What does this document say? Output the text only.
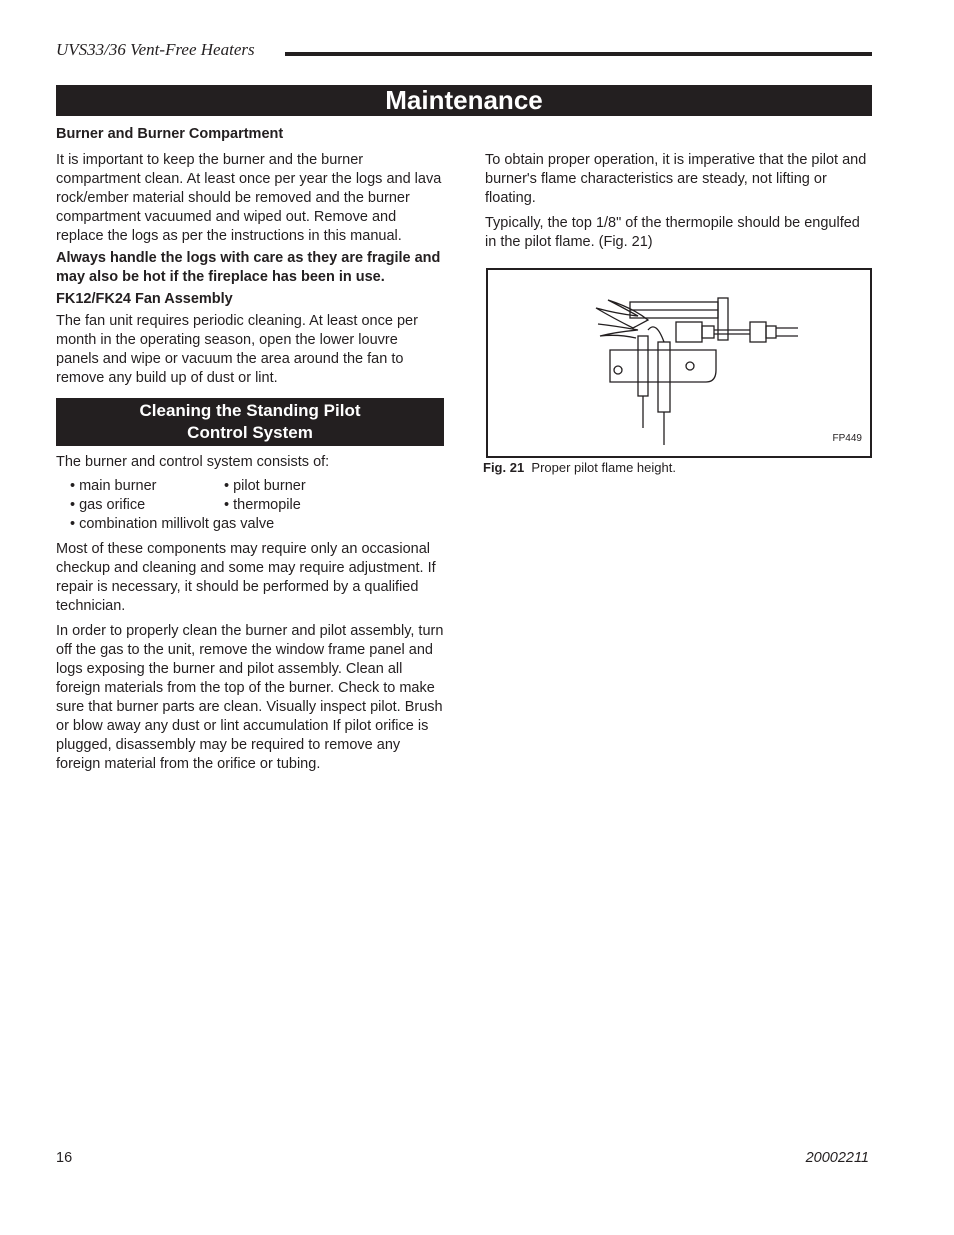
UVS33/36 Vent-Free Heaters
Maintenance
Burner and Burner Compartment

It is important to keep the burner and the burner compartment clean. At least once per year the logs and lava rock/ember material should be removed and the burner compartment vacuumed and wiped out. Remove and replace the logs as per the instructions in this manual.

Always handle the logs with care as they are fragile and may also be hot if the fireplace has been in use.

FK12/FK24 Fan Assembly

The fan unit requires periodic cleaning. At least once per month in the operating season, open the lower louvre panels and wipe or vacuum the area around the fan to remove any build up of dust or lint.

Cleaning the Standing Pilot
Control System

The burner and control system consists of:

• main burner	• pilot burner
• gas orifice	• thermopile
• combination millivolt gas valve

Most of these components may require only an occasional checkup and cleaning and some may require adjustment. If repair is necessary, it should be performed by a qualified technician.

In order to properly clean the burner and pilot assembly, turn off the gas to the unit, remove the window frame panel and logs exposing the burner and pilot assembly. Clean all foreign materials from the top of the burner. Check to make sure that burner parts are clean. Visually inspect pilot. Brush or blow away any dust or lint accumulation If pilot orifice is plugged, disassembly may be required to remove any foreign material from the orifice or tubing.

To obtain proper operation, it is imperative that the pilot and burner's flame characteristics are steady, not lifting or floating.

Typically, the top 1/8" of the thermopile should be engulfed in the pilot flame. (Fig. 21)

FP449
Fig. 21 Proper pilot flame height.
16	20002211
